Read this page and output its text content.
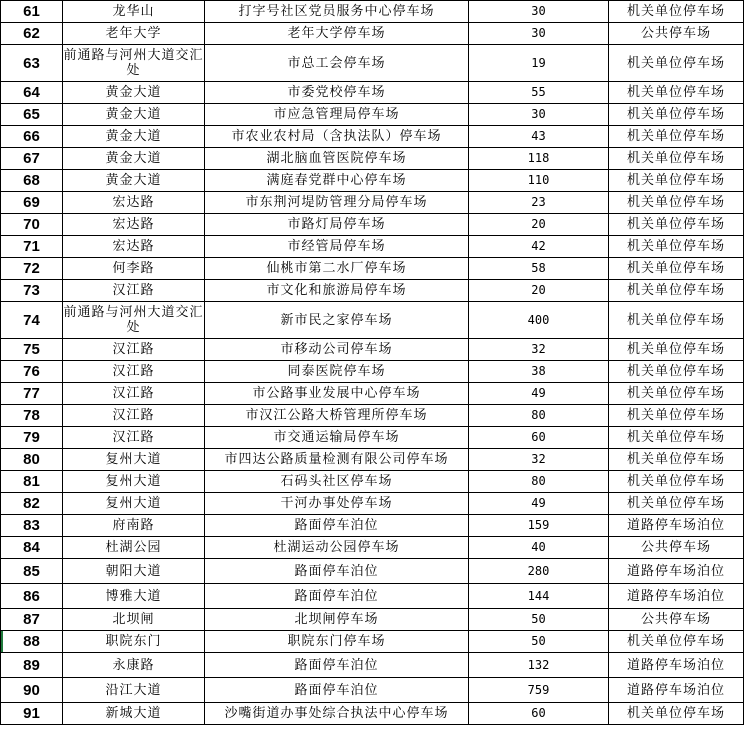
61	龙华山	打字号社区党员服务中心停车场	30	机关单位停车场
62	老年大学	老年大学停车场	30	公共停车场
63	前通路与河州大道交汇处	市总工会停车场	19	机关单位停车场
64	黄金大道	市委党校停车场	55	机关单位停车场
65	黄金大道	市应急管理局停车场	30	机关单位停车场
66	黄金大道	市农业农村局（含执法队）停车场	43	机关单位停车场
67	黄金大道	湖北脑血管医院停车场	118	机关单位停车场
68	黄金大道	满庭春党群中心停车场	110	机关单位停车场
69	宏达路	市东荆河堤防管理分局停车场	23	机关单位停车场
70	宏达路	市路灯局停车场	20	机关单位停车场
71	宏达路	市经管局停车场	42	机关单位停车场
72	何李路	仙桃市第二水厂停车场	58	机关单位停车场
73	汉江路	市文化和旅游局停车场	20	机关单位停车场
74	前通路与河州大道交汇处	新市民之家停车场	400	机关单位停车场
75	汉江路	市移动公司停车场	32	机关单位停车场
76	汉江路	同泰医院停车场	38	机关单位停车场
77	汉江路	市公路事业发展中心停车场	49	机关单位停车场
78	汉江路	市汉江公路大桥管理所停车场	80	机关单位停车场
79	汉江路	市交通运输局停车场	60	机关单位停车场
80	复州大道	市四达公路质量检测有限公司停车场	32	机关单位停车场
81	复州大道	石码头社区停车场	80	机关单位停车场
82	复州大道	干河办事处停车场	49	机关单位停车场
83	府南路	路面停车泊位	159	道路停车场泊位
84	杜湖公园	杜湖运动公园停车场	40	公共停车场
85	朝阳大道	路面停车泊位	280	道路停车场泊位
86	博雅大道	路面停车泊位	144	道路停车场泊位
87	北坝闸	北坝闸停车场	50	公共停车场
88	职院东门	职院东门停车场	50	机关单位停车场
89	永康路	路面停车泊位	132	道路停车场泊位
90	沿江大道	路面停车泊位	759	道路停车场泊位
91	新城大道	沙嘴街道办事处综合执法中心停车场	60	机关单位停车场
